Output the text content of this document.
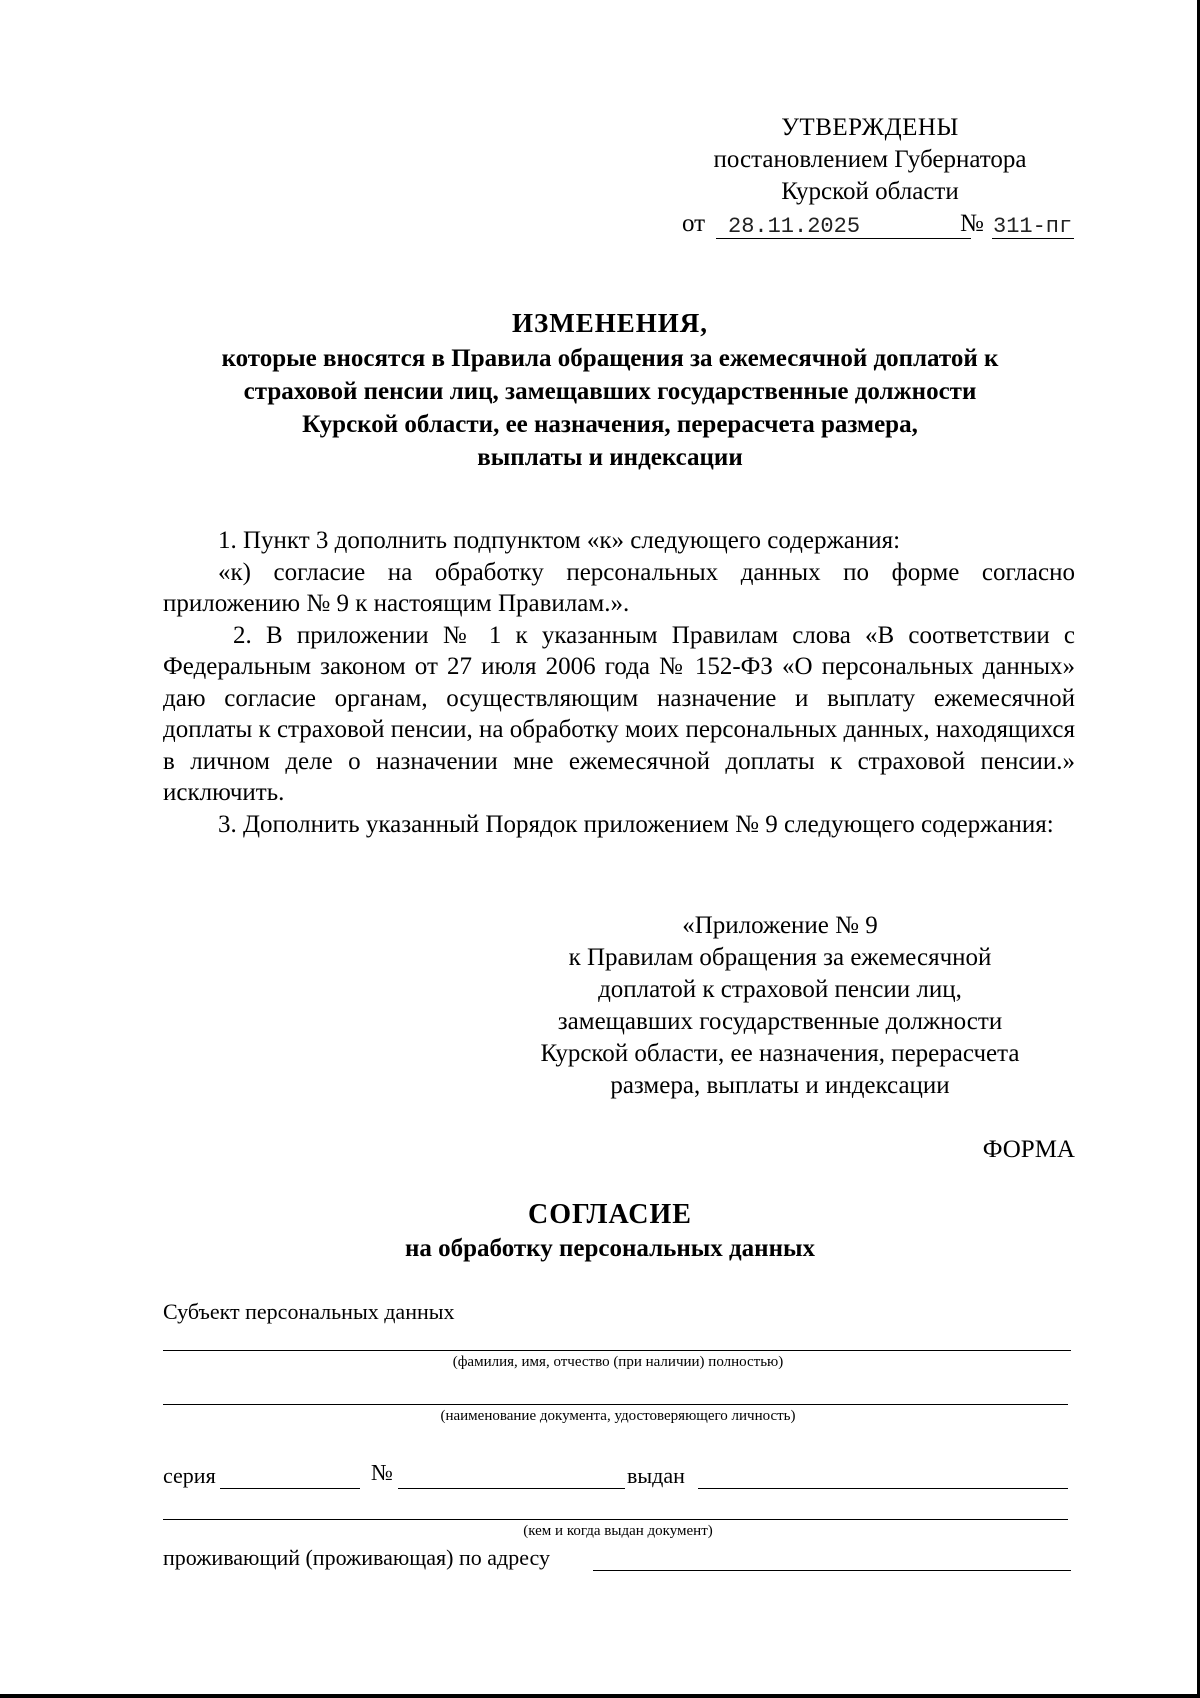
УТВЕРЖДЕНЫ
постановлением Губернатора
Курской области
от 28.11.2025	№ 311-пг
ИЗМЕНЕНИЯ,
которые вносятся в Правила обращения за ежемесячной доплатой к
страховой пенсии лиц, замещавших государственные должности
Курской области, ее назначения, перерасчета размера,
выплаты и индексации

1. Пункт 3 дополнить подпунктом «к» следующего содержания:

«к) согласие на обработку персональных данных по форме согласно приложению № 9 к настоящим Правилам.».

2. В приложении № 1 к указанным Правилам слова «В соответствии с Федеральным законом от 27 июля 2006 года № 152-ФЗ «О персональных данных» даю согласие органам, осуществляющим назначение и выплату ежемесячной доплаты к страховой пенсии, на обработку моих персональных данных, находящихся в личном деле о назначении мне ежемесячной доплаты к страховой пенсии.» исключить.

3. Дополнить указанный Порядок приложением № 9 следующего содержания:

«Приложение № 9
к Правилам обращения за ежемесячной
доплатой к страховой пенсии лиц,
замещавших государственные должности
Курской области, ее назначения, перерасчета
размера, выплаты и индексации
ФОРМА
СОГЛАСИЕ
на обработку персональных данных
Субъект персональных данных
(фамилия, имя, отчество (при наличии) полностью)
(наименование документа, удостоверяющего личность)
серия	№	выдан
(кем и когда выдан документ)
проживающий (проживающая) по адресу
